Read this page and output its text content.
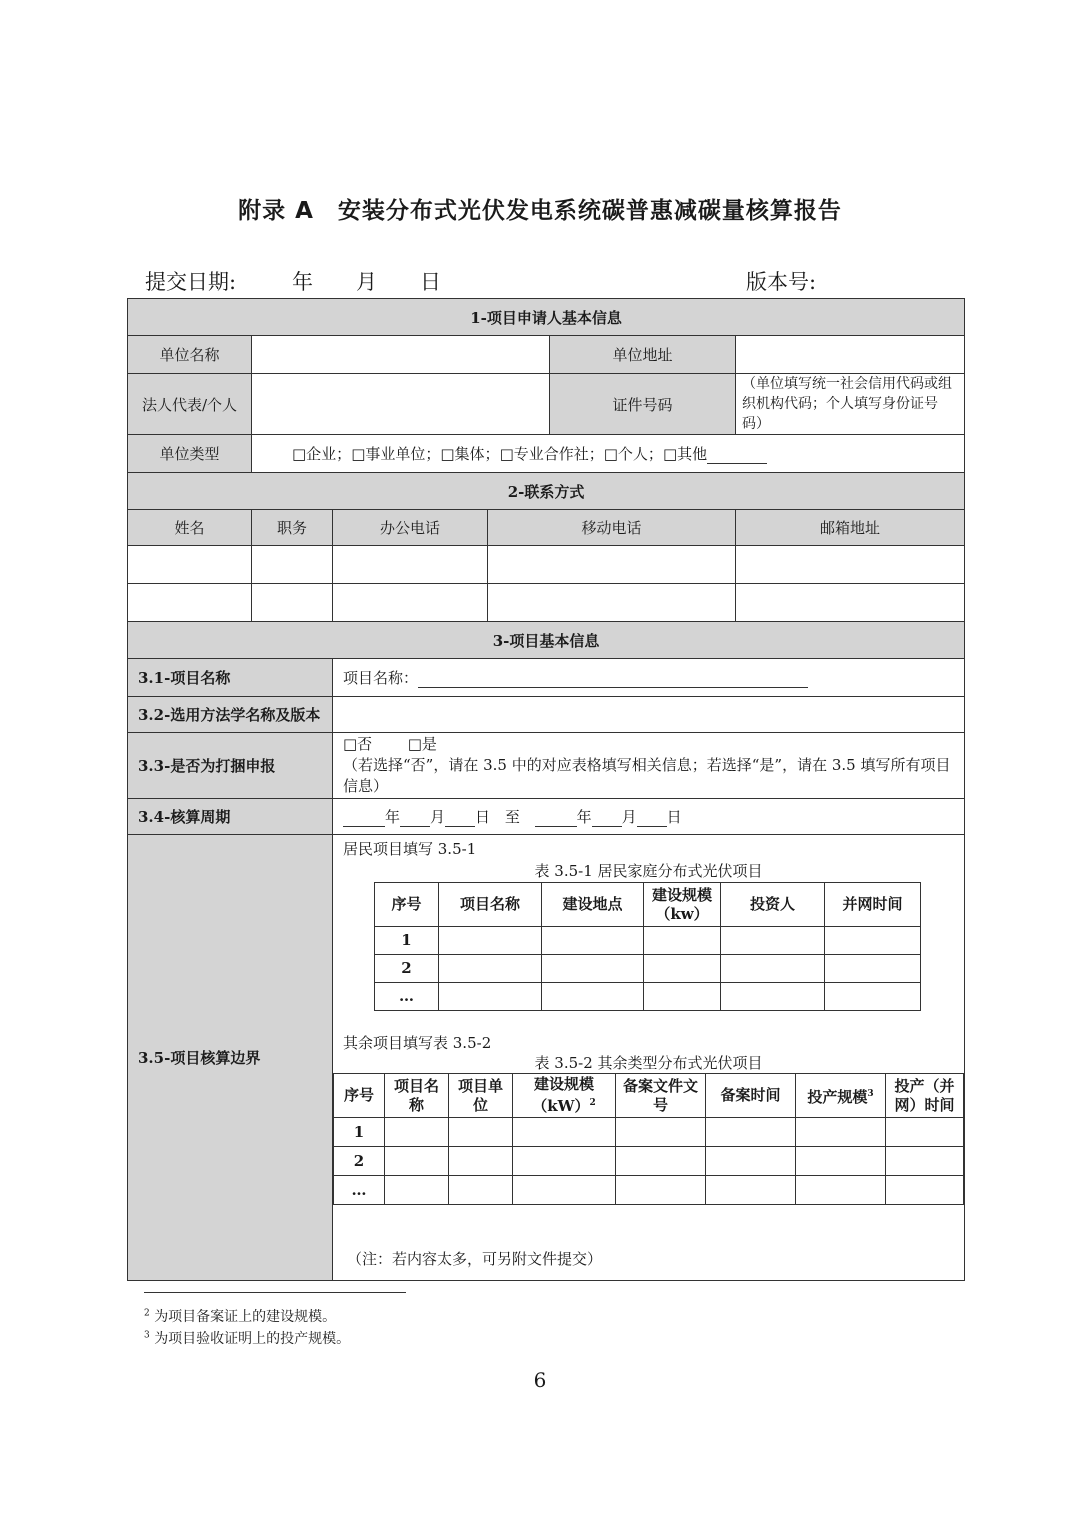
附录 A　安装分布式光伏发电系统碳普惠减碳量核算报告
提交日期:	年 月 日	版本号:
1-项目申请人基本信息
单位名称		单位地址	
法人代表/个人		证件号码	（单位填写统一社会信用代码或组织机构代码；个人填写身份证号码）
单位类型	□企业；□事业单位；□集体；□专业合作社；□个人；□其他
2-联系方式
姓名	职务	办公电话	移动电话	邮箱地址

3-项目基本信息
3.1-项目名称	项目名称：
3.2-选用方法学名称及版本	
3.3-是否为打捆申报	□否 □是
（若选择“否”，请在 3.5 中的对应表格填写相关信息；若选择“是”，请在 3.5 填写所有项目信息）
3.4-核算周期	年 月 日 至	年 月 日
3.5-项目核算边界	
居民项目填写 3.5-1
表 3.5-1 居民家庭分布式光伏项目
序号	项目名称	建设地点	建设规模（kw）	投资人	并网时间
1					
2					
…					
其余项目填写表 3.5-2
表 3.5-2 其余类型分布式光伏项目
序号	项目名称	项目单位	建设规模（kW）$^2$	备案文件文号	备案时间	投产规模$^3$	投产（并网）时间
1							
2							
…							
（注：若内容太多，可另附文件提交）
$^2$ 为项目备案证上的建设规模。
$^3$ 为项目验收证明上的投产规模。
6
